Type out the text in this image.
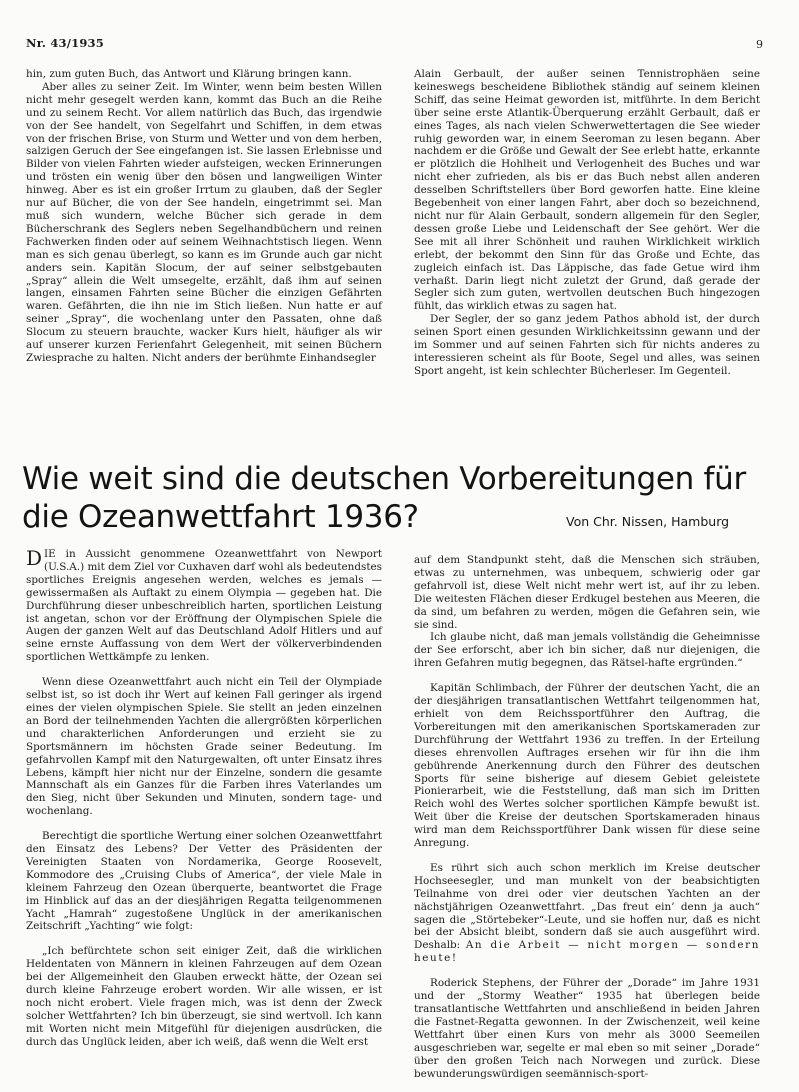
Nr. 43/1935	9

hin, zum guten Buch, das Antwort und Klärung bringen kann.

Aber alles zu seiner Zeit. Im Winter, wenn beim besten Willen nicht mehr gesegelt werden kann, kommt das Buch an die Reihe und zu seinem Recht. Vor allem natürlich das Buch, das irgendwie von der See handelt, von Segelfahrt und Schiffen, in dem etwas von der frischen Brise, von Sturm und Wetter und von dem herben, salzigen Geruch der See eingefangen ist. Sie lassen Erlebnisse und Bilder von vielen Fahrten wieder aufsteigen, wecken Erinnerungen und trösten ein wenig über den bösen und langweiligen Winter hinweg. Aber es ist ein großer Irrtum zu glauben, daß der Segler nur auf Bücher, die von der See handeln, eingetrimmt sei. Man muß sich wundern, welche Bücher sich gerade in dem Bücherschrank des Seglers neben Segelhandbüchern und reinen Fachwerken finden oder auf seinem Weihnachtstisch liegen. Wenn man es sich genau überlegt, so kann es im Grunde auch gar nicht anders sein. Kapitän Slocum, der auf seiner selbstgebauten „Spray“ allein die Welt umsegelte, erzählt, daß ihm auf seinen langen, einsamen Fahrten seine Bücher die einzigen Gefährten waren. Gefährten, die ihn nie im Stich ließen. Nun hatte er auf seiner „Spray“, die wochenlang unter den Passaten, ohne daß Slocum zu steuern brauchte, wacker Kurs hielt, häufiger als wir auf unserer kurzen Ferienfahrt Gelegenheit, mit seinen Büchern Zwiesprache zu halten. Nicht anders der berühmte Einhandsegler

Alain Gerbault, der außer seinen Tennistrophäen seine keineswegs bescheidene Bibliothek ständig auf seinem kleinen Schiff, das seine Heimat geworden ist, mitführte. In dem Bericht über seine erste Atlantik-Überquerung erzählt Gerbault, daß er eines Tages, als nach vielen Schwerwettertagen die See wieder ruhig geworden war, in einem Seeroman zu lesen begann. Aber nachdem er die Größe und Gewalt der See erlebt hatte, erkannte er plötzlich die Hohlheit und Verlogenheit des Buches und war nicht eher zufrieden, als bis er das Buch nebst allen anderen desselben Schriftstellers über Bord geworfen hatte. Eine kleine Begebenheit von einer langen Fahrt, aber doch so bezeichnend, nicht nur für Alain Gerbault, sondern allgemein für den Segler, dessen große Liebe und Leidenschaft der See gehört. Wer die See mit all ihrer Schönheit und rauhen Wirklichkeit wirklich erlebt, der bekommt den Sinn für das Große und Echte, das zugleich einfach ist. Das Läppische, das fade Getue wird ihm verhaßt. Darin liegt nicht zuletzt der Grund, daß gerade der Segler sich zum guten, wertvollen deutschen Buch hingezogen fühlt, das wirklich etwas zu sagen hat.

Der Segler, der so ganz jedem Pathos abhold ist, der durch seinen Sport einen gesunden Wirklichkeitssinn gewann und der im Sommer und auf seinen Fahrten sich für nichts anderes zu interessieren scheint als für Boote, Segel und alles, was seinen Sport angeht, ist kein schlechter Bücherleser. Im Gegenteil.

Wie weit sind die deutschen Vorbereitungen für die Ozeanwettfahrt 1936?	Von Chr. Nissen, Hamburg

DIE in Aussicht genommene Ozeanwettfahrt von Newport (U.S.A.) mit dem Ziel vor Cuxhaven darf wohl als bedeutendstes sportliches Ereignis angesehen werden, welches es jemals — gewissermaßen als Auftakt zu einem Olympia — gegeben hat. Die Durchführung dieser unbeschreiblich harten, sportlichen Leistung ist angetan, schon vor der Eröffnung der Olympischen Spiele die Augen der ganzen Welt auf das Deutschland Adolf Hitlers und auf seine ernste Auffassung von dem Wert der völkerverbindenden sportlichen Wettkämpfe zu lenken.

Wenn diese Ozeanwettfahrt auch nicht ein Teil der Olympiade selbst ist, so ist doch ihr Wert auf keinen Fall geringer als irgend eines der vielen olympischen Spiele. Sie stellt an jeden einzelnen an Bord der teilnehmenden Yachten die allergrößten körperlichen und charakterlichen Anforderungen und erzieht sie zu Sportsmännern im höchsten Grade seiner Bedeutung. Im gefahrvollen Kampf mit den Naturgewalten, oft unter Einsatz ihres Lebens, kämpft hier nicht nur der Einzelne, sondern die gesamte Mannschaft als ein Ganzes für die Farben ihres Vaterlandes um den Sieg, nicht über Sekunden und Minuten, sondern tage- und wochenlang.

Berechtigt die sportliche Wertung einer solchen Ozeanwettfahrt den Einsatz des Lebens? Der Vetter des Präsidenten der Vereinigten Staaten von Nordamerika, George Roosevelt, Kommodore des „Cruising Clubs of America“, der viele Male in kleinem Fahrzeug den Ozean überquerte, beantwortet die Frage im Hinblick auf das an der diesjährigen Regatta teilgenommenen Yacht „Hamrah“ zugestoßene Unglück in der amerikanischen Zeitschrift „Yachting“ wie folgt:

„Ich befürchtete schon seit einiger Zeit, daß die wirklichen Heldentaten von Männern in kleinen Fahrzeugen auf dem Ozean bei der Allgemeinheit den Glauben erweckt hätte, der Ozean sei durch kleine Fahrzeuge erobert worden. Wir alle wissen, er ist noch nicht erobert. Viele fragen mich, was ist denn der Zweck solcher Wettfahrten? Ich bin überzeugt, sie sind wertvoll. Ich kann mit Worten nicht mein Mitgefühl für diejenigen ausdrücken, die durch das Unglück leiden, aber ich weiß, daß wenn die Welt erst

auf dem Standpunkt steht, daß die Menschen sich sträuben, etwas zu unternehmen, was unbequem, schwierig oder gar gefahrvoll ist, diese Welt nicht mehr wert ist, auf ihr zu leben. Die weitesten Flächen dieser Erdkugel bestehen aus Meeren, die da sind, um befahren zu werden, mögen die Gefahren sein, wie sie sind.

Ich glaube nicht, daß man jemals vollständig die Geheimnisse der See erforscht, aber ich bin sicher, daß nur diejenigen, die ihren Gefahren mutig begegnen, das Rätsel-hafte ergründen.“

Kapitän Schlimbach, der Führer der deutschen Yacht, die an der diesjährigen transatlantischen Wettfahrt teilgenommen hat, erhielt von dem Reichssportführer den Auftrag, die Vorbereitungen mit den amerikanischen Sportskameraden zur Durchführung der Wettfahrt 1936 zu treffen. In der Erteilung dieses ehrenvollen Auftrages ersehen wir für ihn die ihm gebührende Anerkennung durch den Führer des deutschen Sports für seine bisherige auf diesem Gebiet geleistete Pionierarbeit, wie die Feststellung, daß man sich im Dritten Reich wohl des Wertes solcher sportlichen Kämpfe bewußt ist. Weit über die Kreise der deutschen Sportskameraden hinaus wird man dem Reichssportführer Dank wissen für diese seine Anregung.

Es rührt sich auch schon merklich im Kreise deutscher Hochseesegler, und man munkelt von der beabsichtigten Teilnahme von drei oder vier deutschen Yachten an der nächstjährigen Ozeanwettfahrt. „Das freut ein’ denn ja auch“ sagen die „Störtebeker“-Leute, und sie hoffen nur, daß es nicht bei der Absicht bleibt, sondern daß sie auch ausgeführt wird. Deshalb: An die Arbeit — nicht morgen — sondern heute!

Roderick Stephens, der Führer der „Dorade“ im Jahre 1931 und der „Stormy Weather“ 1935 hat überlegen beide transatlantische Wettfahrten und anschließend in beiden Jahren die Fastnet-Regatta gewonnen. In der Zwischenzeit, weil keine Wettfahrt über einen Kurs von mehr als 3000 Seemeilen ausgeschrieben war, segelte er mal eben so mit seiner „Dorade“ über den großen Teich nach Norwegen und zurück. Diese bewunderungswürdigen seemännisch-sport-
